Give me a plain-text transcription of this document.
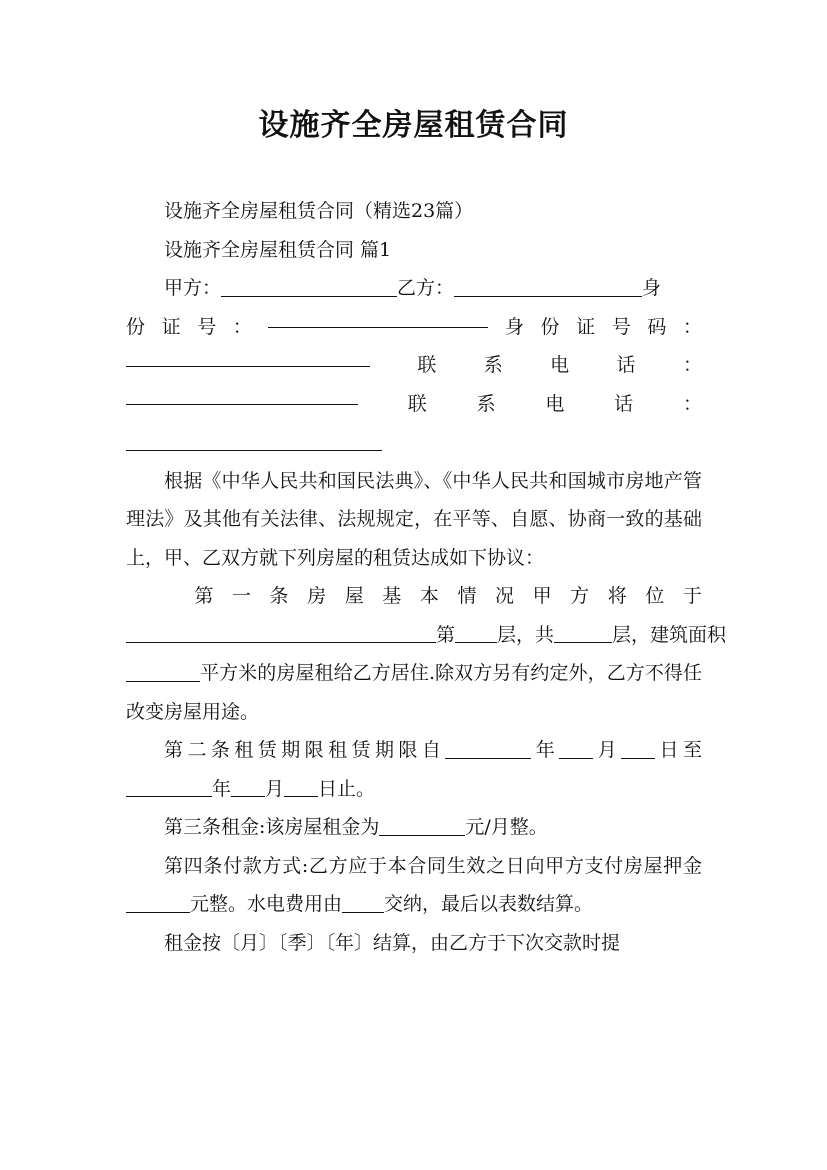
设施齐全房屋租赁合同
设施齐全房屋租赁合同（精选23篇）
设施齐全房屋租赁合同 篇1
甲方：	乙方：	身
份 证 号 ：	身 份 证 号 码 ：
联 系 电 话 ：
联	系	电	话	：
根据《中华人民共和国民法典》、《中华人民共和国城市房地产管理法》及其他有关法律、法规规定，在平等、自愿、协商一致的基础上，甲、乙双方就下列房屋的租赁达成如下协议：
第 一 条 房 屋 基 本 情 况 甲 方 将 位 于
第 层，共	层，建筑面积
平方米的房屋租给乙方居住.除双方另有约定外，乙方不得任改变房屋用途。
第二条租赁期限租赁期限自	年 月 日至年 月 日止。
第三条租金:该房屋租金为	元/月整。
第四条付款方式:乙方应于本合同生效之日向甲方支付房屋押金元整。水电费用由 交纳，最后以表数结算。
租金按〔月〕〔季〕〔年〕结算，由乙方于下次交款时提
